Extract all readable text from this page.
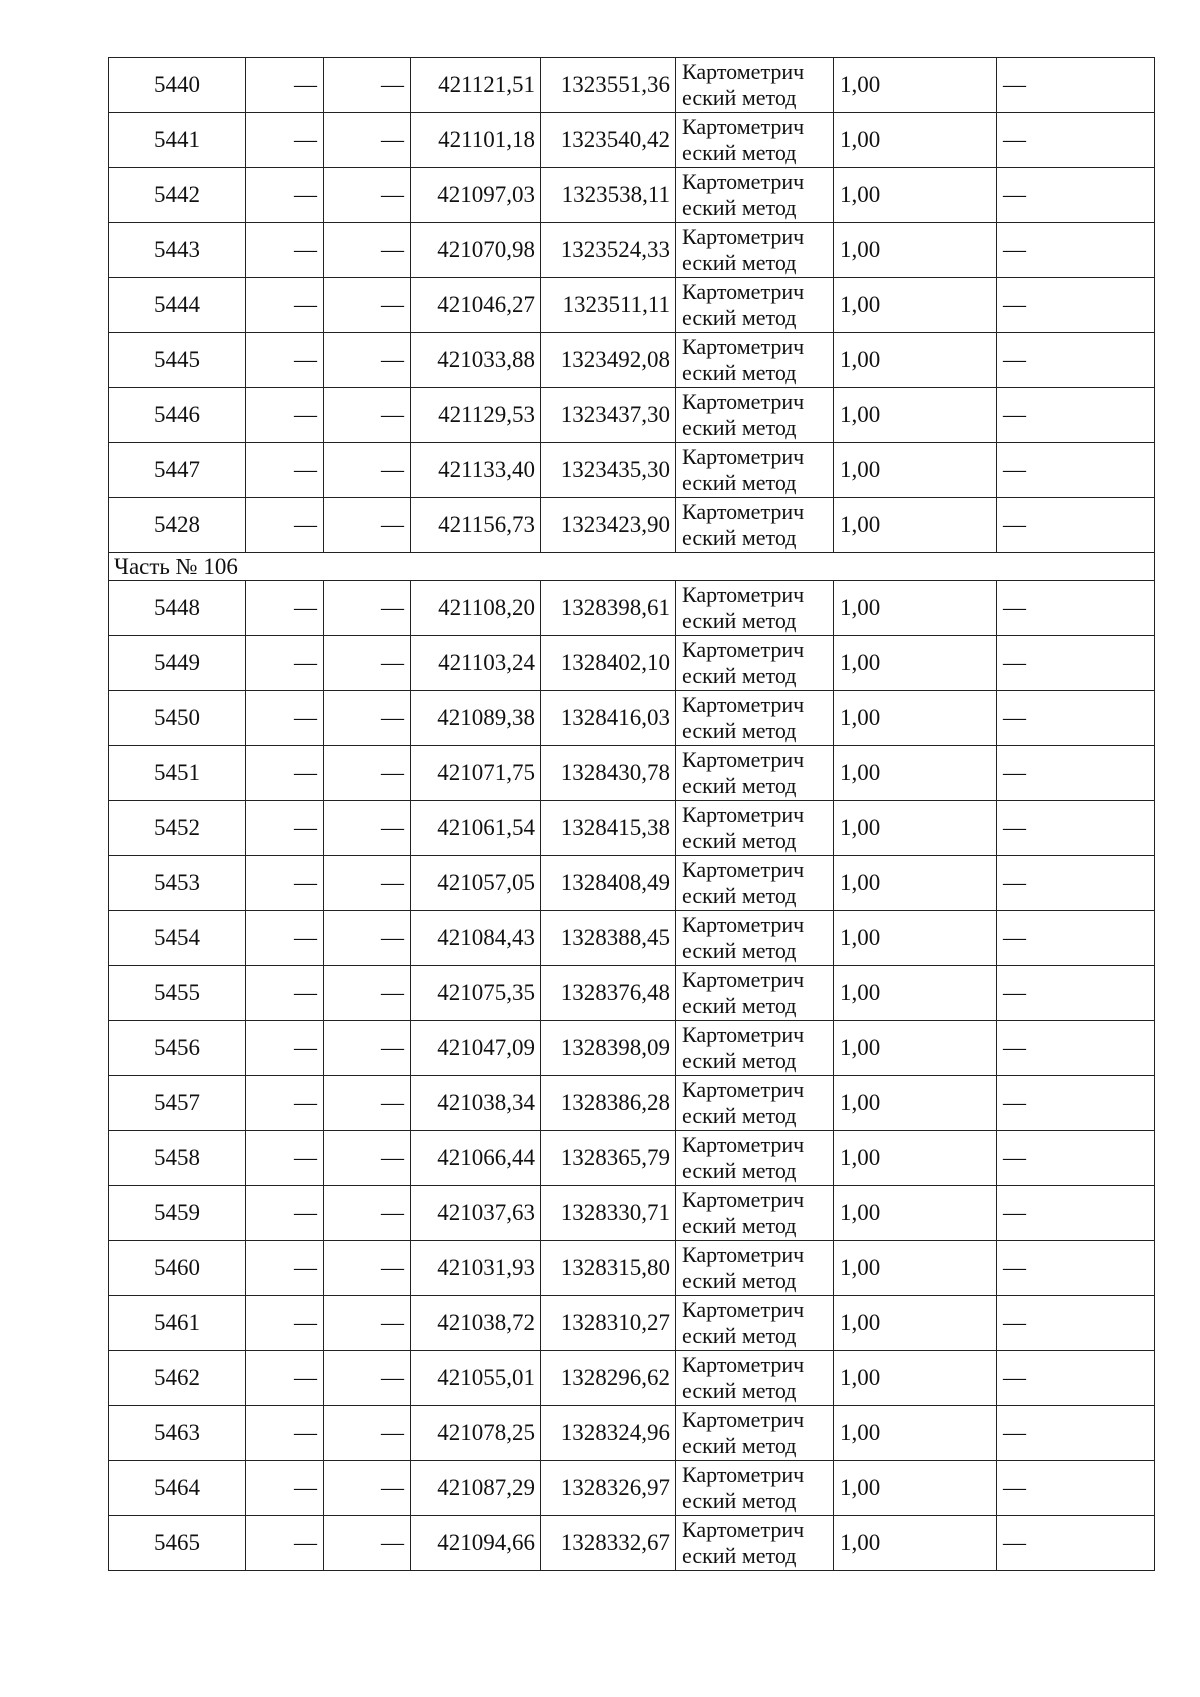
5440	—	—	421121,51	1323551,36	Картометрич еский метод	1,00	—
5441	—	—	421101,18	1323540,42	Картометрич еский метод	1,00	—
5442	—	—	421097,03	1323538,11	Картометрич еский метод	1,00	—
5443	—	—	421070,98	1323524,33	Картометрич еский метод	1,00	—
5444	—	—	421046,27	1323511,11	Картометрич еский метод	1,00	—
5445	—	—	421033,88	1323492,08	Картометрич еский метод	1,00	—
5446	—	—	421129,53	1323437,30	Картометрич еский метод	1,00	—
5447	—	—	421133,40	1323435,30	Картометрич еский метод	1,00	—
5428	—	—	421156,73	1323423,90	Картометрич еский метод	1,00	—
Часть № 106							
5448	—	—	421108,20	1328398,61	Картометрич еский метод	1,00	—
5449	—	—	421103,24	1328402,10	Картометрич еский метод	1,00	—
5450	—	—	421089,38	1328416,03	Картометрич еский метод	1,00	—
5451	—	—	421071,75	1328430,78	Картометрич еский метод	1,00	—
5452	—	—	421061,54	1328415,38	Картометрич еский метод	1,00	—
5453	—	—	421057,05	1328408,49	Картометрич еский метод	1,00	—
5454	—	—	421084,43	1328388,45	Картометрич еский метод	1,00	—
5455	—	—	421075,35	1328376,48	Картометрич еский метод	1,00	—
5456	—	—	421047,09	1328398,09	Картометрич еский метод	1,00	—
5457	—	—	421038,34	1328386,28	Картометрич еский метод	1,00	—
5458	—	—	421066,44	1328365,79	Картометрич еский метод	1,00	—
5459	—	—	421037,63	1328330,71	Картометрич еский метод	1,00	—
5460	—	—	421031,93	1328315,80	Картометрич еский метод	1,00	—
5461	—	—	421038,72	1328310,27	Картометрич еский метод	1,00	—
5462	—	—	421055,01	1328296,62	Картометрич еский метод	1,00	—
5463	—	—	421078,25	1328324,96	Картометрич еский метод	1,00	—
5464	—	—	421087,29	1328326,97	Картометрич еский метод	1,00	—
5465	—	—	421094,66	1328332,67	Картометрич еский метод	1,00	—
